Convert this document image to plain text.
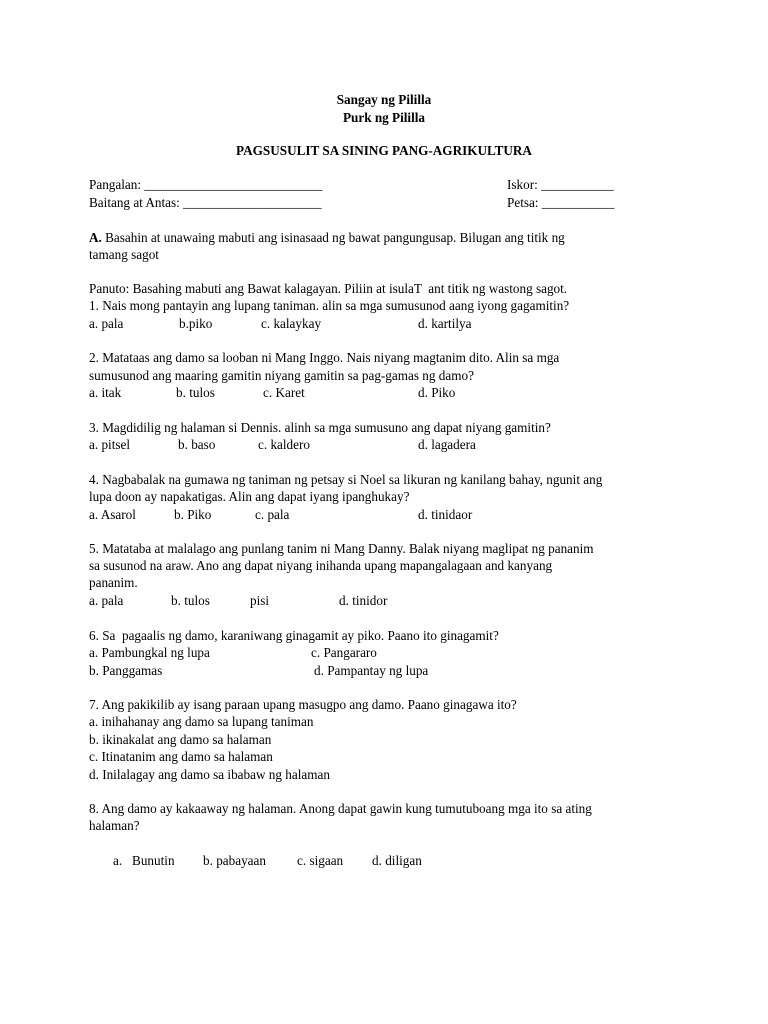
Sangay ng Pililla
Purk ng Pililla
PAGSUSULIT SA SINING PANG-AGRIKULTURA
Pangalan: ___________________________	Iskor: ___________
Baitang at Antas: _____________________	Petsa: ___________
A. Basahin at unawaing mabuti ang isinasaad ng bawat pangungusap. Bilugan ang titik ng
tamang sagot
Panuto: Basahing mabuti ang Bawat kalagayan. Piliin at isulaT  ant titik ng wastong sagot.
1. Nais mong pantayin ang lupang taniman. alin sa mga sumusunod aang iyong gagamitin?
a. pala	b.piko	c. kalaykay	d. kartilya
2. Matataas ang damo sa looban ni Mang Inggo. Nais niyang magtanim dito. Alin sa mga
sumusunod ang maaring gamitin niyang gamitin sa pag-gamas ng damo?
a. itak	b. tulos	c. Karet	d. Piko
3. Magdidilig ng halaman si Dennis. alinh sa mga sumusuno ang dapat niyang gamitin?
a. pitsel	b. baso	c. kaldero	d. lagadera
4. Nagbabalak na gumawa ng taniman ng petsay si Noel sa likuran ng kanilang bahay, ngunit ang
lupa doon ay napakatigas. Alin ang dapat iyang ipanghukay?
a. Asarol	b. Piko	c. pala	d. tinidaor
5. Matataba at malalago ang punlang tanim ni Mang Danny. Balak niyang maglipat ng pananim
sa susunod na araw. Ano ang dapat niyang inihanda upang mapangalagaan and kanyang
pananim.
a. pala	b. tulos	pisi	d. tinidor
6. Sa  pagaalis ng damo, karaniwang ginagamit ay piko. Paano ito ginagamit?
a. Pambungkal ng lupa	c. Pangararo
b. Panggamas	d. Pampantay ng lupa
7. Ang pakikilib ay isang paraan upang masugpo ang damo. Paano ginagawa ito?
a. inihahanay ang damo sa lupang taniman
b. ikinakalat ang damo sa halaman
c. Itinatanim ang damo sa halaman
d. Inilalagay ang damo sa ibabaw ng halaman
8. Ang damo ay kakaaway ng halaman. Anong dapat gawin kung tumutuboang mga ito sa ating
halaman?
a.   Bunutin b. pabayaan c. sigaan d. diligan
